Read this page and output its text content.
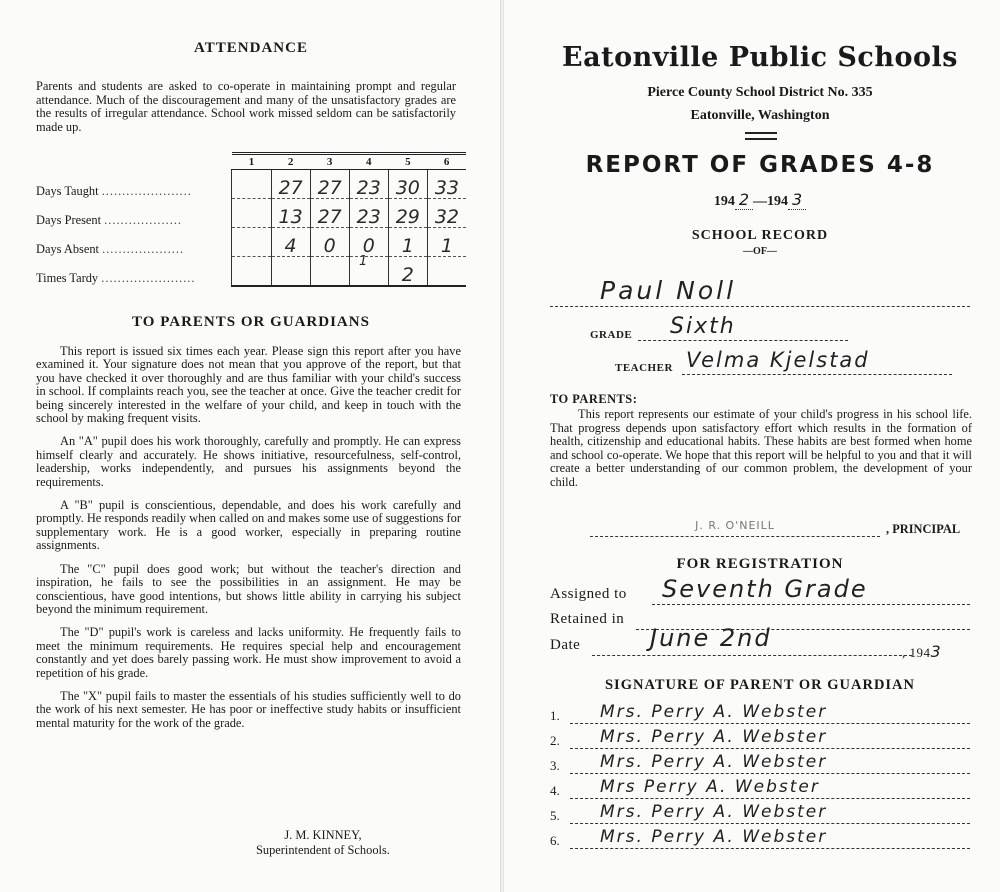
ATTENDANCE
Parents and students are asked to co-operate in maintaining prompt and regular attendance. Much of the discouragement and many of the unsatisfactory grades are the results of irregular attendance. School work missed seldom can be satisfactorily made up.
	1	2	3	4	5	6
Days Taught ......................		27	27	23	30	33
Days Present ...................		13	27	23	29	32
Days Absent ....................		4	0	0	1	1
Times Tardy .......................					2	
1
TO PARENTS OR GUARDIANS

This report is issued six times each year. Please sign this report after you have examined it. Your signature does not mean that you approve of the report, but that you have checked it over thoroughly and are thus familiar with your child's success in school. If complaints reach you, see the teacher at once. Give the teacher credit for being sincerely interested in the welfare of your child, and keep in touch with the school by making frequent visits.

An "A" pupil does his work thoroughly, carefully and promptly. He can express himself clearly and accurately. He shows initiative, resourcefulness, self-control, leadership, works independently, and pursues his assignments beyond the requirements.

A "B" pupil is conscientious, dependable, and does his work carefully and promptly. He responds readily when called on and makes some use of suggestions for supplementary work. He is a good worker, especially in preparing routine assignments.

The "C" pupil does good work; but without the teacher's direction and inspiration, he fails to see the possibilities in an assignment. He may be conscientious, have good intentions, but shows little ability in carrying his subject beyond the minimum requirement.

The "D" pupil's work is careless and lacks uniformity. He frequently fails to meet the minimum requirements. He requires special help and encouragement constantly and yet does barely passing work. He must show improvement to avoid a repetition of his grade.

The "X" pupil fails to master the essentials of his studies sufficiently well to do the work of his next semester. He has poor or ineffective study habits or insufficient mental maturity for the work of the grade.

J. M. KINNEY,
Superintendent of Schools.
Eatonville Public Schools
Pierce County School District No. 335
Eatonville, Washington
REPORT OF GRADES 4-8
194 2 —194 3
SCHOOL RECORD
—OF—
Paul Noll
GRADE Sixth
TEACHER Velma Kjelstad
TO PARENTS:
This report represents our estimate of your child's progress in his school life. That progress depends upon satisfactory effort which results in the formation of health, citizenship and educational habits. These habits are best formed when home and school co-operate. We hope that this report will be helpful to you and that it will create a better understanding of our common problem, the development of your child.
J. R. O'NEILL	, PRINCIPAL
FOR REGISTRATION
Assigned to Seventh Grade
Retained in
Date	June 2nd
, 1943
SIGNATURE OF PARENT OR GUARDIAN
1. Mrs. Perry A. Webster
2. Mrs. Perry A. Webster
3. Mrs. Perry A. Webster
4. Mrs Perry A. Webster
5. Mrs. Perry A. Webster
6. Mrs. Perry A. Webster
